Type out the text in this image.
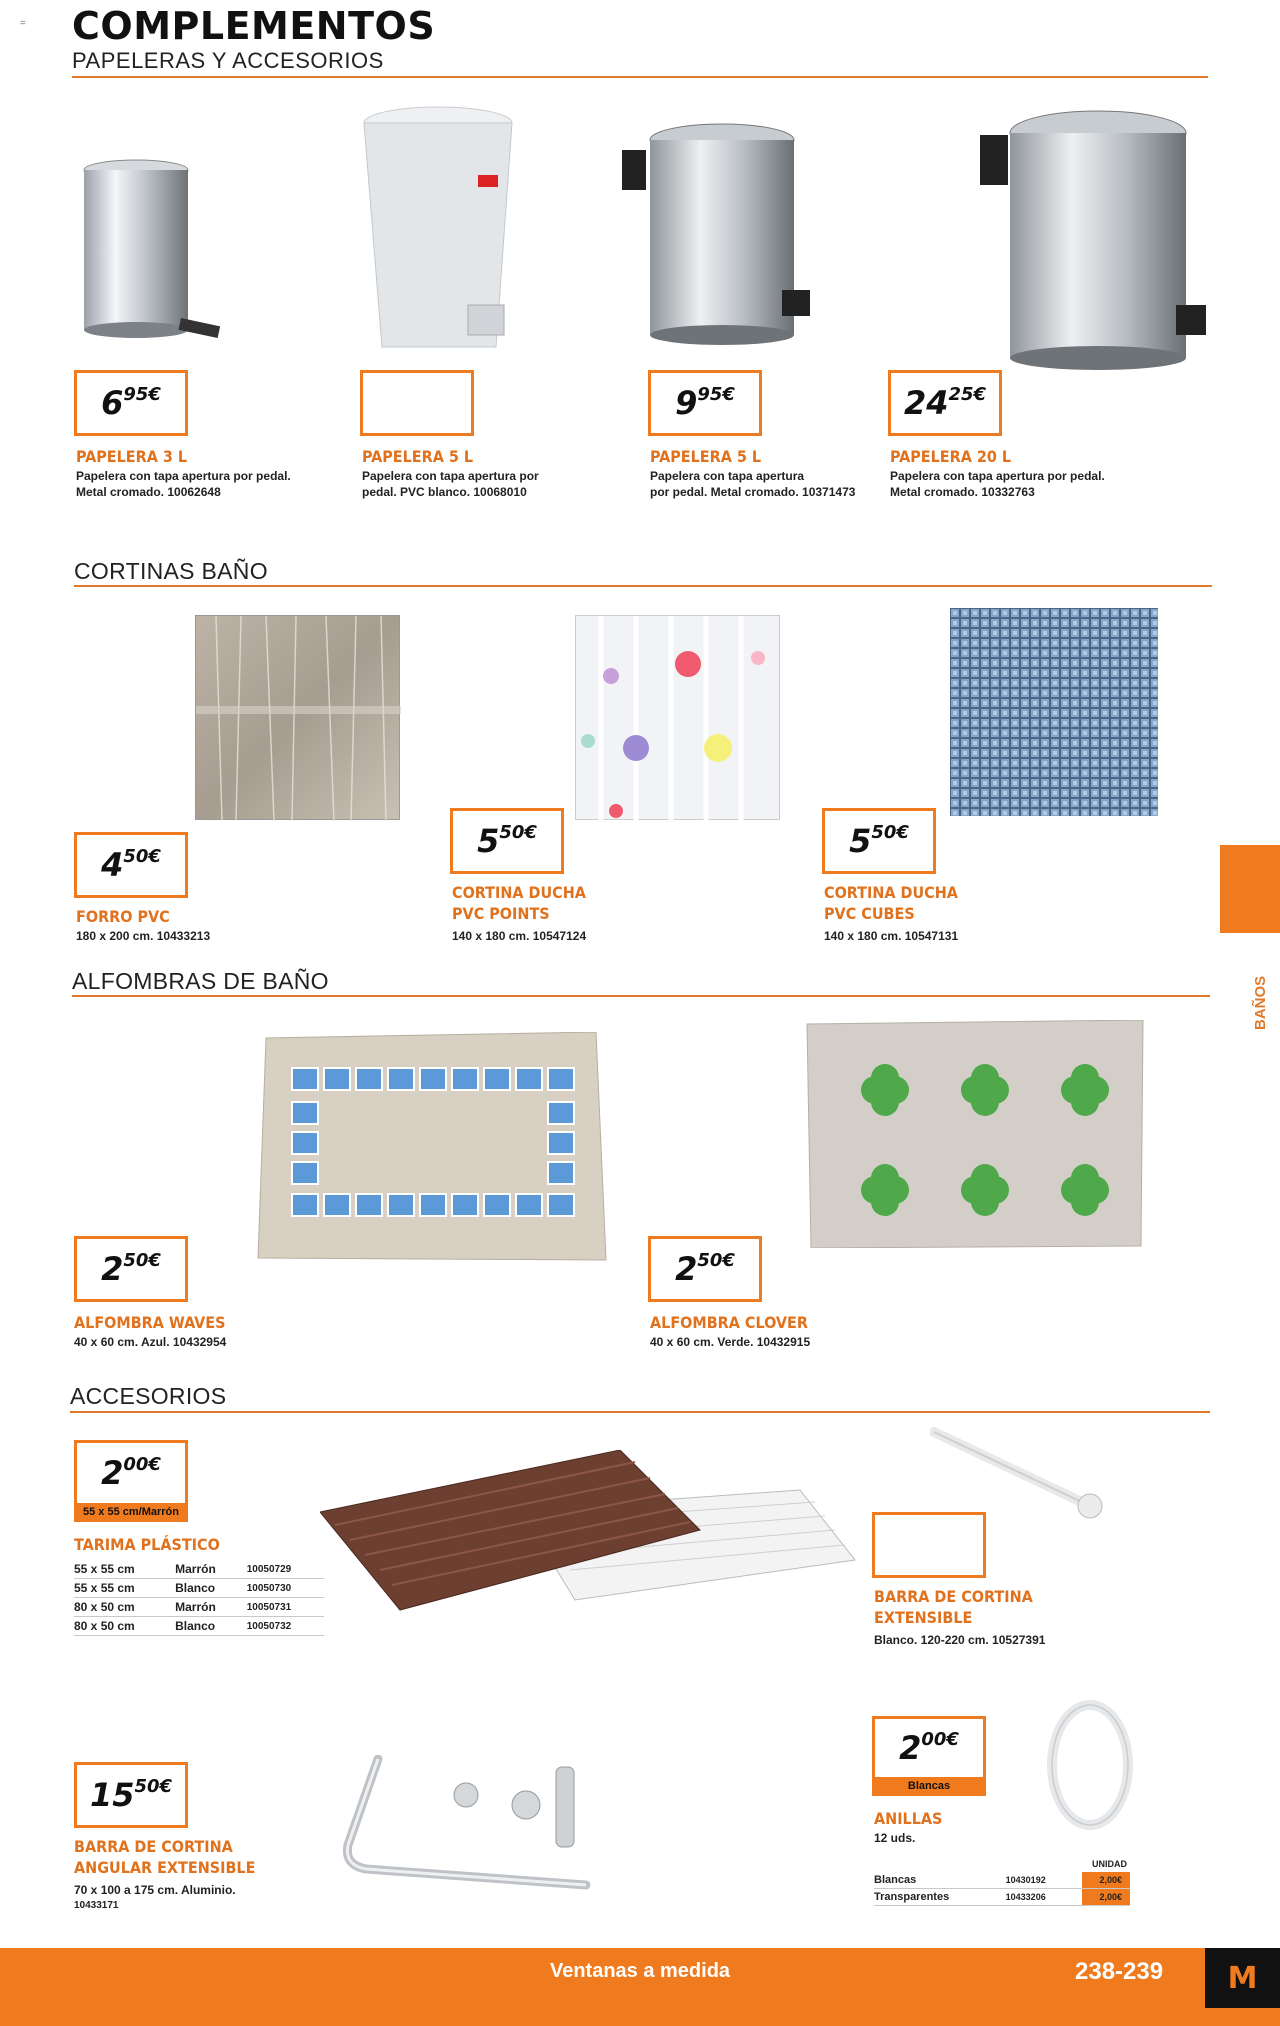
= COMPLEMENTOS
PAPELERAS Y ACCESORIOS
$6^{95€}$
PAPELERA 3 L
Papelera con tapa apertura por pedal.
Metal cromado. 10062648
PAPELERA 5 L
Papelera con tapa apertura por
pedal. PVC blanco. 10068010
$9^{95€}$
PAPELERA 5 L
Papelera con tapa apertura
por pedal. Metal cromado. 10371473
$24^{25€}$
PAPELERA 20 L
Papelera con tapa apertura por pedal.
Metal cromado. 10332763
CORTINAS BAÑO
$4^{50€}$
FORRO PVC
180 x 200 cm. 10433213
$5^{50€}$
CORTINA DUCHA
PVC POINTS
140 x 180 cm. 10547124
$5^{50€}$
CORTINA DUCHA
PVC CUBES
140 x 180 cm. 10547131
BAÑOS
ALFOMBRAS DE BAÑO
$2^{50€}$
ALFOMBRA WAVES
40 x 60 cm. Azul. 10432954
$2^{50€}$
ALFOMBRA CLOVER
40 x 60 cm. Verde. 10432915
ACCESORIOS
$2^{00€}$
55 x 55 cm/Marrón
TARIMA PLÁSTICO
55 x 55 cm	Marrón	10050729
55 x 55 cm	Blanco	10050730
80 x 50 cm	Marrón	10050731
80 x 50 cm	Blanco	10050732
BARRA DE CORTINA
EXTENSIBLE
Blanco. 120-220 cm. 10527391
$15^{50€}$
BARRA DE CORTINA
ANGULAR EXTENSIBLE
70 x 100 a 175 cm. Aluminio.
10433171
$2^{00€}$
Blancas
ANILLAS
12 uds.
UNIDAD
Blancas	10430192	2,00€
Transparentes	10433206	2,00€
Ventanas a medida	238-239 M
